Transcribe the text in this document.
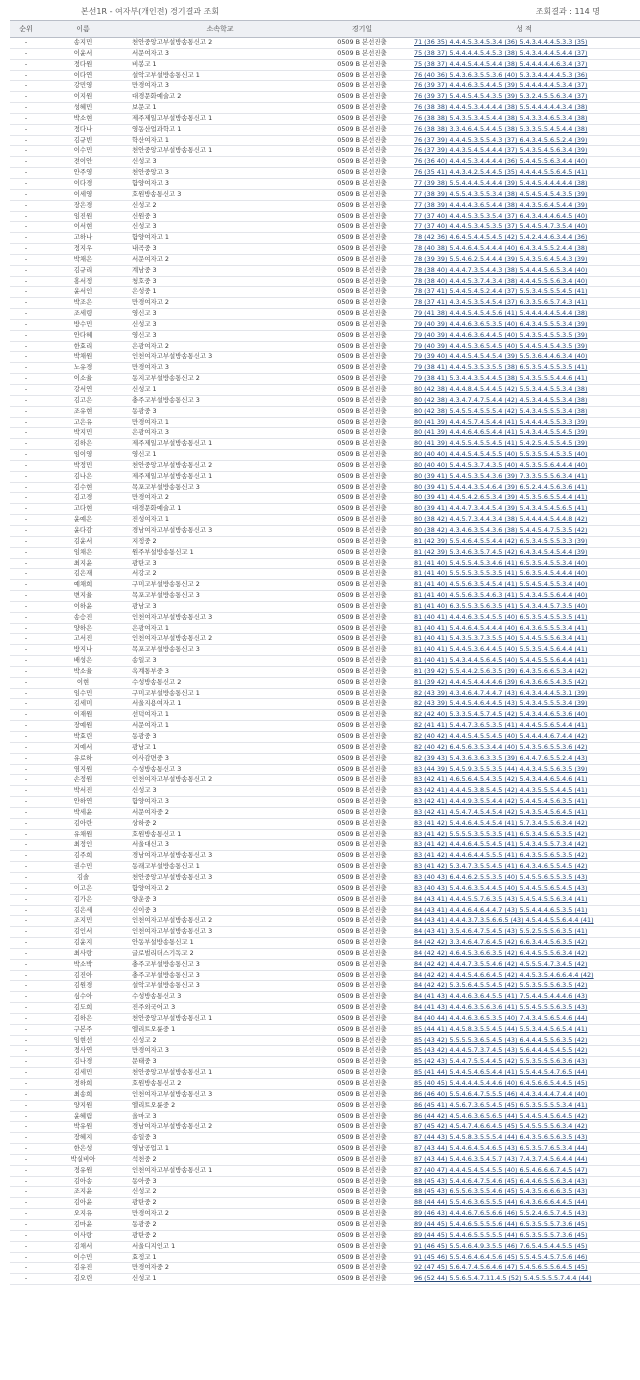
본선1R - 여자부(개인전) 경기결과 조회	조회결과 : 114 명
순위	이름	소속학교	경기일	성 적
-	송지민	천안중앙고부설방송통신고 2	0509 B 본선진출	71 (36 35) 4.4.4.5.3.4.5.3.4 (36) 5.4.3.4.4.4.5.3.3 (35)
-	이윤서	서문여자고 3	0509 B 본선진출	75 (38 37) 5.4.4.4.4.5.4.5.3 (38) 5.4.3.4.4.4.5.4.4 (37)
-	정다원	비봉고 1	0509 B 본선진출	75 (38 37) 4.4.4.5.4.4.5.4.4 (38) 5.4.4.4.4.4.6.3.4 (37)
-	이다연	설악고부설방송통신고 1	0509 B 본선진출	76 (40 36) 5.4.3.6.3.5.5.3.6 (40) 5.3.3.4.4.4.4.5.3 (36)
-	강민영	만경여자고 3	0509 B 본선진출	76 (39 37) 4.4.4.6.3.5.4.4.5 (39) 5.4.4.4.4.4.5.3.4 (37)
-	이지원	대경문화예술고 2	0509 B 본선진출	76 (39 37) 5.4.4.5.4.5.4.3.5 (39) 5.3.2.4.5.5.6.3.4 (37)
-	성혜민	보문고 1	0509 B 본선진출	76 (38 38) 4.4.4.5.3.4.4.4.4 (38) 5.5.4.4.4.4.4.3.4 (38)
-	박소현	제주제일고부설방송통신고 1	0509 B 본선진출	76 (38 38) 5.4.3.5.3.4.5.4.4 (38) 5.4.3.3.4.6.5.3.4 (38)
-	정다나	영동산업과학고 1	0509 B 본선진출	76 (38 38) 3.3.4.6.4.5.4.4.5 (38) 5.3.3.5.5.4.5.4.4 (38)
-	김규빈	학산여자고 1	0509 B 본선진출	76 (37 39) 4.4.4.5.3.5.5.4.3 (37) 6.4.3.4.5.6.5.2.4 (39)
-	이수민	천안중앙고부설방송통신고 1	0509 B 본선진출	76 (37 39) 4.4.3.5.4.5.4.4.4 (37) 5.4.3.5.4.5.6.3.4 (39)
-	전이안	신성고 3	0509 B 본선진출	76 (36 40) 4.4.4.5.3.4.4.4.4 (36) 5.4.4.5.5.6.3.4.4 (40)
-	안주영	천안중앙고 3	0509 B 본선진출	76 (35 41) 4.4.3.4.2.5.4.4.5 (35) 4.4.4.4.5.5.6.4.5 (41)
-	이다경	함양여자고 3	0509 B 본선진출	77 (39 38) 5.5.4.4.4.5.4.4.4 (39) 5.4.4.5.4.4.4.4.4 (38)
-	이세영	호원방송통신고 3	0509 B 본선진출	77 (38 39) 4.5.5.4.3.5.5.3.4 (38) 4.5.4.5.4.5.4.3.5 (39)
-	장은경	신성고 2	0509 B 본선진출	77 (38 39) 4.4.4.4.3.6.5.4.4 (38) 4.4.3.5.6.4.5.4.4 (39)
-	임진원	신원중 3	0509 B 본선진출	77 (37 40) 4.4.4.5.3.5.3.5.4 (37) 6.4.3.4.4.4.6.4.5 (40)
-	이서현	신성고 3	0509 B 본선진출	77 (37 40) 4.4.4.5.3.4.5.3.5 (37) 5.4.4.5.4.7.3.5.4 (40)
-	고하나	함양여자고 1	0509 B 본선진출	78 (42 36) 4.6.4.5.4.4.5.4.5 (42) 5.4.2.4.4.6.3.4.4 (36)
-	정지우	내곡중 3	0509 B 본선진출	78 (40 38) 5.4.4.6.4.5.4.4.4 (40) 6.4.3.4.5.5.2.4.4 (38)
-	박채은	서문여자고 2	0509 B 본선진출	78 (39 39) 5.5.4.6.2.5.4.4.4 (39) 5.4.3.5.6.4.5.4.3 (39)
-	김규리	계남중 3	0509 B 본선진출	78 (38 40) 4.4.4.7.3.5.4.4.3 (38) 5.4.4.4.5.6.5.3.4 (40)
-	홍서정	청호중 3	0509 B 본선진출	78 (38 40) 4.4.4.5.3.7.4.3.4 (38) 4.4.4.5.5.5.6.3.4 (40)
-	윤서인	은성중 1	0509 B 본선진출	78 (37 41) 5.4.4.5.4.5.2.4.4 (37) 5.5.3.4.5.5.5.4.5 (41)
-	박조은	만경여자고 2	0509 B 본선진출	78 (37 41) 4.3.4.5.3.5.4.5.4 (37) 6.3.3.5.6.5.7.4.3 (41)
-	조세령	영신고 3	0509 B 본선진출	79 (41 38) 4.4.4.5.4.5.4.5.6 (41) 5.4.4.4.4.4.5.4.4 (38)
-	방수민	신성고 3	0509 B 본선진출	79 (40 39) 4.4.4.6.3.6.5.3.5 (40) 6.4.3.4.5.5.5.3.4 (39)
-	안다혜	영신고 3	0509 B 본선진출	79 (40 39) 4.4.4.6.3.6.4.4.5 (40) 5.4.3.5.4.5.5.3.5 (39)
-	한효리	은광여자고 2	0509 B 본선진출	79 (40 39) 4.4.4.5.3.6.5.4.5 (40) 5.4.4.5.4.5.4.3.5 (39)
-	박채원	인천여자고부설방송통신고 3	0509 B 본선진출	79 (39 40) 4.4.4.5.4.5.4.5.4 (39) 5.5.3.6.4.4.6.3.4 (40)
-	노유경	만경여자고 3	0509 B 본선진출	79 (38 41) 4.4.4.5.3.5.3.5.5 (38) 6.5.3.5.4.5.5.3.5 (41)
-	이소율	동지고부설방송통신고 2	0509 B 본선진출	79 (38 41) 5.3.4.4.3.5.4.4.5 (38) 5.4.3.5.5.5.4.4.6 (41)
-	강서연	신성고 1	0509 B 본선진출	80 (42 38) 4.4.4.8.4.5.4.4.5 (42) 5.5.3.4.4.5.5.3.4 (38)
-	김고은	충주고부설방송통신고 3	0509 B 본선진출	80 (42 38) 4.3.4.7.4.7.5.4.4 (42) 4.5.3.4.4.5.5.3.4 (38)
-	조유현	동광중 3	0509 B 본선진출	80 (42 38) 5.4.5.5.4.5.5.5.4 (42) 5.4.3.4.5.5.5.3.4 (38)
-	고은유	만경여자고 1	0509 B 본선진출	80 (41 39) 4.4.4.5.7.4.5.4.4 (41) 5.4.4.4.4.5.5.3.3 (39)
-	박지민	은광여자고 3	0509 B 본선진출	80 (41 39) 4.4.4.6.4.6.5.4.4 (41) 5.4.3.4.4.5.5.4.5 (39)
-	김하은	제주제일고부설방송통신고 1	0509 B 본선진출	80 (41 39) 4.4.5.5.4.5.5.4.5 (41) 5.4.2.5.4.5.5.4.5 (39)
-	임이영	영신고 1	0509 B 본선진출	80 (40 40) 4.4.4.5.4.5.4.5.5 (40) 5.5.3.5.5.4.5.3.5 (40)
-	박정민	천안중앙고부설방송통신고 2	0509 B 본선진출	80 (40 40) 5.4.4.5.3.7.4.3.5 (40) 4.5.3.5.5.6.4.4.4 (40)
-	김나은	제주제일고부설방송통신고 1	0509 B 본선진출	80 (39 41) 5.4.4.5.3.5.4.3.6 (39) 7.3.3.5.5.5.6.3.4 (41)
-	김수현	목포고부설방송통신고 3	0509 B 본선진출	80 (39 41) 5.4.4.4.3.5.4.6.4 (39) 6.5.2.4.4.5.6.3.6 (41)
-	김고경	만경여자고 2	0509 B 본선진출	80 (39 41) 4.4.5.4.2.6.5.3.4 (39) 4.5.3.5.6.5.5.4.4 (41)
-	고다현	대경문화예술고 1	0509 B 본선진출	80 (39 41) 4.4.4.7.3.4.4.5.4 (39) 5.4.3.4.5.4.5.6.5 (41)
-	윤예은	진성여자고 1	0509 B 본선진출	80 (38 42) 4.4.5.7.3.4.4.3.4 (38) 5.4.4.4.4.5.4.4.8 (42)
-	윤다감	경남여자고부설방송통신고 3	0509 B 본선진출	80 (38 42) 4.3.4.6.3.5.4.3.6 (38) 5.4.4.5.4.7.5.3.5 (42)
-	김윤서	지정중 2	0509 B 본선진출	81 (42 39) 5.5.4.6.4.5.5.4.4 (42) 6.5.3.4.5.5.5.3.3 (39)
-	임채은	원주부설방송통신고 1	0509 B 본선진출	81 (42 39) 5.3.4.6.3.5.7.4.5 (42) 6.4.3.4.5.4.5.4.4 (39)
-	최지윤	광탄고 3	0509 B 본선진출	81 (41 40) 5.4.5.5.4.5.3.4.6 (41) 6.5.3.5.4.5.5.3.4 (40)
-	김은재	서강고 2	0509 B 본선진출	81 (41 40) 5.5.5.5.3.5.5.3.5 (41) 5.6.3.5.4.5.4.4.4 (40)
-	예채희	구미고부설방송통신고 2	0509 B 본선진출	81 (41 40) 4.5.5.6.3.5.4.5.4 (41) 5.5.4.5.4.5.5.3.4 (40)
-	변지율	목포고부설방송통신고 3	0509 B 본선진출	81 (41 40) 4.5.5.6.3.5.4.6.3 (41) 5.4.3.4.5.5.6.4.4 (40)
-	이하윤	광남고 3	0509 B 본선진출	81 (41 40) 6.3.5.5.3.5.6.3.5 (41) 5.4.3.4.4.5.7.3.5 (40)
-	송승진	인천여자고부설방송통신고 3	0509 B 본선진출	81 (40 41) 4.4.4.6.3.5.4.5.5 (40) 6.5.3.5.4.5.5.3.5 (41)
-	양하은	은광여자고 1	0509 B 본선진출	81 (40 41) 5.4.4.6.4.5.4.4.4 (40) 6.4.3.6.5.5.5.3.4 (41)
-	고서진	인천여자고부설방송통신고 2	0509 B 본선진출	81 (40 41) 5.4.3.5.3.7.3.5.5 (40) 5.4.4.5.5.5.6.3.4 (41)
-	방지나	목포고부설방송통신고 3	0509 B 본선진출	81 (40 41) 5.4.4.5.3.6.4.4.5 (40) 5.5.3.5.4.5.6.4.4 (41)
-	배성은	송일고 3	0509 B 본선진출	81 (40 41) 5.4.3.4.4.5.6.4.5 (40) 5.4.4.5.5.5.6.4.4 (41)
-	박소율	옥계통부중 3	0509 B 본선진출	81 (39 42) 5.5.4.4.2.5.6.3.5 (39) 6.4.3.5.6.6.5.3.4 (42)
-	이현	수성방송통신고 2	0509 B 본선진출	81 (39 42) 4.4.4.5.4.4.4.4.6 (39) 6.4.3.6.6.5.4.3.5 (42)
-	임수민	구미고부설방송통신고 1	0509 B 본선진출	82 (43 39) 4.3.4.6.4.7.4.4.7 (43) 6.4.3.4.4.4.5.3.1 (39)
-	김세미	서울지용여자고 1	0509 B 본선진출	82 (43 39) 5.4.4.5.4.6.4.4.5 (43) 5.4.3.4.5.5.5.3.4 (39)
-	이재원	선덕여자고 1	0509 B 본선진출	82 (42 40) 5.3.3.5.4.5.7.4.5 (42) 5.4.3.4.4.6.5.3.6 (40)
-	장예원	서문여자고 1	0509 B 본선진출	82 (41 41) 5.4.4.7.3.6.5.3.5 (41) 4.4.4.5.5.6.5.4.4 (41)
-	박효린	동광중 3	0509 B 본선진출	82 (40 42) 4.4.4.5.4.5.5.4.5 (40) 5.4.4.4.4.6.7.4.4 (42)
-	지예서	광남고 1	0509 B 본선진출	82 (40 42) 6.4.5.6.3.5.3.4.4 (40) 5.4.3.5.6.5.5.3.6 (42)
-	유로하	이사감면중 3	0509 B 본선진출	82 (39 43) 5.4.3.6.3.6.3.3.5 (39) 6.4.4.7.6.5.5.2.4 (43)
-	염지원	수성방송통신고 3	0509 B 본선진출	83 (44 39) 5.4.5.9.3.5.5.3.5 (44) 4.4.3.4.5.5.6.3.5 (39)
-	손정원	인천여자고부설방송통신고 2	0509 B 본선진출	83 (42 41) 4.6.5.6.4.5.4.3.5 (42) 5.4.3.4.4.6.5.4.6 (41)
-	박서진	신성고 3	0509 B 본선진출	83 (42 41) 4.4.4.5.3.8.5.4.5 (42) 4.4.3.5.5.5.4.4.5 (41)
-	안하연	함양여자고 3	0509 B 본선진출	83 (42 41) 4.4.4.9.3.5.5.4.4 (42) 5.4.4.5.4.5.6.3.5 (41)
-	박세윤	서문여자중 2	0509 B 본선진출	83 (42 41) 4.5.4.7.4.5.4.5.4 (42) 5.4.3.5.4.5.6.4.5 (41)
-	김아란	상하중 2	0509 B 본선진출	83 (41 42) 5.4.4.6.4.5.4.5.4 (41) 5.7.3.4.5.5.6.3.4 (42)
-	유채원	호원방송통신고 1	0509 B 본선진출	83 (41 42) 5.5.5.5.3.5.5.3.5 (41) 6.5.3.4.5.6.5.3.5 (42)
-	최정인	서울대신고 3	0509 B 본선진출	83 (41 42) 4.4.4.6.4.5.5.4.5 (41) 5.4.3.4.5.5.7.3.4 (42)
-	김주희	경남여자고부설방송통신고 3	0509 B 본선진출	83 (41 42) 4.4.4.6.4.4.5.5.5 (41) 6.4.3.5.5.6.5.3.5 (42)
-	권수민	동래고부설방송통신고 1	0509 B 본선진출	83 (41 42) 5.3.4.7.3.5.5.4.5 (41) 6.4.3.4.6.5.5.4.5 (42)
-	김솔	천안중앙고부설방송통신고 3	0509 B 본선진출	83 (40 43) 6.4.4.6.2.5.5.3.5 (40) 5.4.5.5.6.5.5.3.5 (43)
-	이고은	함양여자고 2	0509 B 본선진출	83 (40 43) 5.4.4.6.3.5.4.4.5 (40) 5.4.4.5.5.6.5.4.5 (43)
-	김가은	양운중 3	0509 B 본선진출	84 (43 41) 4.4.4.5.5.7.6.3.5 (43) 5.4.5.4.5.5.6.3.4 (41)
-	김은세	신이중 3	0509 B 본선진출	84 (43 41) 4.4.4.6.4.6.4.4.7 (43) 5.5.4.4.4.6.5.3.5 (41)
-	조지민	인천여자고부설방송통신고 2	0509 B 본선진출	84 (43 41) 4.4.4.3.7.3.5.6.6.5 (43) 4.5.4.4.5.5.6.4.4 (41)
-	김인서	인천여자고부설방송통신고 3	0509 B 본선진출	84 (43 41) 3.5.4.6.4.7.5.4.5 (43) 5.5.2.5.5.5.6.3.5 (41)
-	김윤지	안동부설방송통신고 1	0509 B 본선진출	84 (42 42) 3.3.4.6.4.7.6.4.5 (42) 6.6.3.4.4.5.6.3.5 (42)
-	최사랑	글로벌리더스기독고 2	0509 B 본선진출	84 (42 42) 4.6.4.5.3.6.6.3.5 (42) 6.4.4.5.5.5.6.3.4 (42)
-	박소박	충주고부설방송통신고 3	0509 B 본선진출	84 (42 42) 4.4.4.7.3.5.5.4.6 (42) 4.5.5.5.4.7.3.4.5 (42)
-	김진아	충주고부설방송통신고 3	0509 B 본선진출	84 (42 42) 4.4.4.5.4.6.6.4.5 (42) 4.4.5.3.5.4.6.6.4.4 (42)
-	김원경	설악고부설방송통신고 3	0509 B 본선진출	84 (42 42) 5.3.5.6.4.5.5.4.5 (42) 5.5.3.5.5.5.6.3.5 (42)
-	심수아	수성방송통신고 3	0509 B 본선진출	84 (41 43) 4.4.4.6.3.6.4.5.5 (41) 7.5.4.4.5.4.4.4.6 (43)
-	김도희	진주외국어고 3	0509 B 본선진출	84 (41 43) 4.4.4.6.3.5.6.3.6 (41) 5.5.4.5.5.5.6.3.5 (43)
-	김하은	천안중앙고부설방송통신고 1	0509 B 본선진출	84 (40 44) 4.4.4.6.3.6.5.3.5 (40) 7.4.3.4.5.6.5.4.6 (44)
-	구본주	엘리트오륜중 1	0509 B 본선진출	85 (44 41) 4.4.5.8.3.5.5.4.5 (44) 5.5.3.4.4.5.6.5.4 (41)
-	임현선	신성고 2	0509 B 본선진출	85 (43 42) 5.5.5.5.3.6.5.4.5 (43) 6.4.4.4.5.5.6.3.5 (42)
-	정사연	만경여자고 3	0509 B 본선진출	85 (43 42) 4.4.4.5.7.3.7.4.5 (43) 5.6.4.4.4.5.4.5.5 (42)
-	김나경	문태중 3	0509 B 본선진출	85 (42 43) 5.4.4.7.5.5.4.4.5 (42) 5.5.3.5.5.5.6.3.6 (43)
-	김세민	천안중앙고부설방송통신고 1	0509 B 본선진출	85 (41 44) 5.4.4.5.4.6.5.4.4 (41) 5.5.4.4.5.4.7.6.5 (44)
-	정하희	호원방송통신고 2	0509 B 본선진출	85 (40 45) 5.4.4.4.4.5.4.4.6 (40) 6.4.5.6.6.5.4.4.5 (45)
-	최송희	인천여자고부설방송통신고 3	0509 B 본선진출	86 (46 40) 5.5.4.6.4.7.5.5.5 (46) 4.4.3.4.4.4.7.4.4 (40)
-	양지원	엘리트오륜중 2	0509 B 본선진출	86 (45 41) 4.5.6.7.3.6.5.4.5 (45) 6.5.3.5.5.5.5.3.4 (41)
-	윤혜림	올마고 3	0509 B 본선진출	86 (44 42) 4.5.4.6.3.6.5.6.5 (44) 5.4.4.5.4.5.6.4.5 (42)
-	박유원	경남여자고부설방송통신고 2	0509 B 본선진출	87 (45 42) 4.5.4.7.4.6.6.4.5 (45) 5.4.5.5.5.5.6.3.4 (42)
-	장혜지	송일중 3	0509 B 본선진출	87 (44 43) 5.4.5.8.3.5.5.5.4 (44) 6.4.3.5.6.5.6.3.5 (43)
-	한은성	영남공업고 1	0509 B 본선진출	87 (43 44) 5.4.4.6.4.5.4.6.5 (43) 6.5.3.5.7.6.5.3.4 (44)
-	박실비아	석천중 2	0509 B 본선진출	87 (43 44) 5.4.4.6.3.5.4.5.7 (43) 7.4.3.7.4.5.6.4.4 (44)
-	정유원	인천여자고부설방송통신고 1	0509 B 본선진출	87 (40 47) 4.4.4.5.4.5.4.5.5 (40) 6.5.4.6.6.6.7.4.5 (47)
-	김아송	동아중 3	0509 B 본선진출	88 (45 43) 5.4.4.6.4.7.5.4.6 (45) 6.4.4.6.5.5.6.3.4 (43)
-	조지윤	신성고 2	0509 B 본선진출	88 (45 43) 6.5.5.6.3.5.5.4.6 (45) 5.4.3.5.6.6.6.3.5 (43)
-	김아윤	광탄중 2	0509 B 본선진출	88 (44 44) 5.5.4.6.3.6.5.5.5 (44) 6.4.3.6.6.6.4.4.5 (44)
-	오지유	만경여자고 2	0509 B 본선진출	89 (46 43) 4.4.4.6.7.6.5.6.6 (46) 5.5.2.4.6.5.7.4.5 (43)
-	김마윤	동광중 2	0509 B 본선진출	89 (44 45) 5.4.4.6.5.5.5.5.6 (44) 6.5.3.5.5.5.7.3.6 (45)
-	이사랑	광탄중 2	0509 B 본선진출	89 (44 45) 5.4.4.6.5.5.5.5.5 (44) 6.5.3.5.5.5.7.3.6 (45)
-	김채서	서울디지인고 1	0509 B 본선진출	91 (46 45) 5.5.4.6.4.9.3.5.5 (46) 7.6.5.4.5.4.4.5.5 (45)
-	이수민	효정고 1	0509 B 본선진출	91 (45 46) 5.5.4.6.4.6.4.5.6 (45) 5.5.4.5.4.5.7.5.6 (46)
-	김유진	만경여자중 2	0509 B 본선진출	92 (47 45) 5.6.4.7.4.5.6.4.6 (47) 5.4.5.6.5.5.6.4.5 (45)
-	김오린	신성고 1	0509 B 본선진출	96 (52 44) 5.5.6.5.4.7.11.4.5 (52) 5.4.5.5.5.5.7.4.4 (44)
